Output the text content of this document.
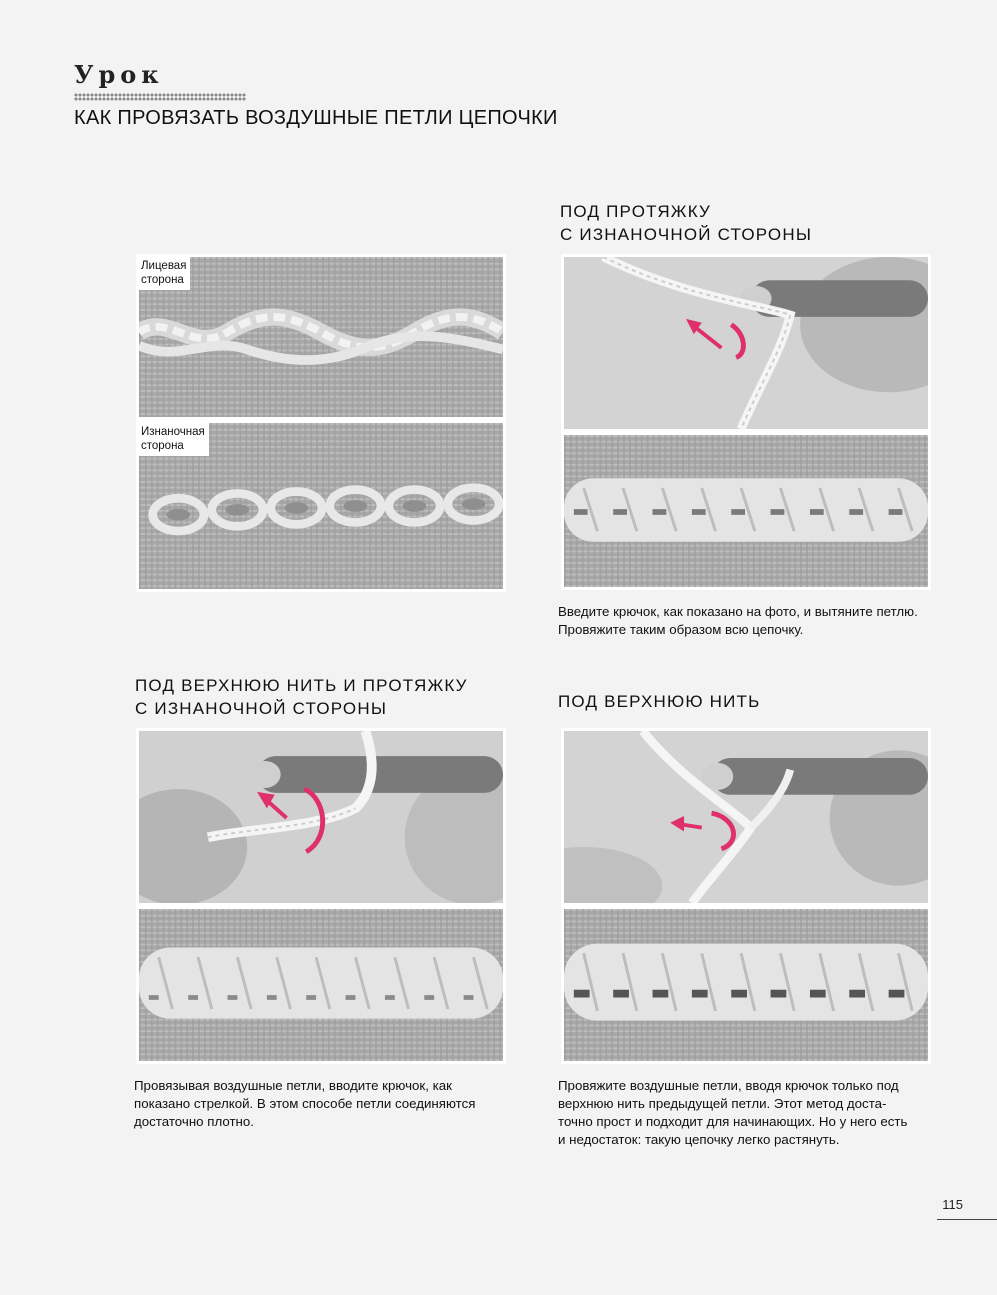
Урок
КАК ПРОВЯЗАТЬ ВОЗДУШНЫЕ ПЕТЛИ ЦЕПОЧКИ
Лицевая
сторона
Изнаночная
сторона
ПОД ПРОТЯЖКУ
С ИЗНАНОЧНОЙ СТОРОНЫ
Введите крючок, как показано на фото, и вытяните петлю.
Провяжите таким образом всю цепочку.
ПОД ВЕРХНЮЮ НИТЬ И ПРОТЯЖКУ
С ИЗНАНОЧНОЙ СТОРОНЫ
Провязывая воздушные петли, вводите крючок, как
показано стрелкой. В этом способе петли соединяются
достаточно плотно.
ПОД ВЕРХНЮЮ НИТЬ
Провяжите воздушные петли, вводя крючок только под
верхнюю нить предыдущей петли. Этот метод доста-
точно прост и подходит для начинающих. Но у него есть
и недостаток: такую цепочку легко растянуть.
115
